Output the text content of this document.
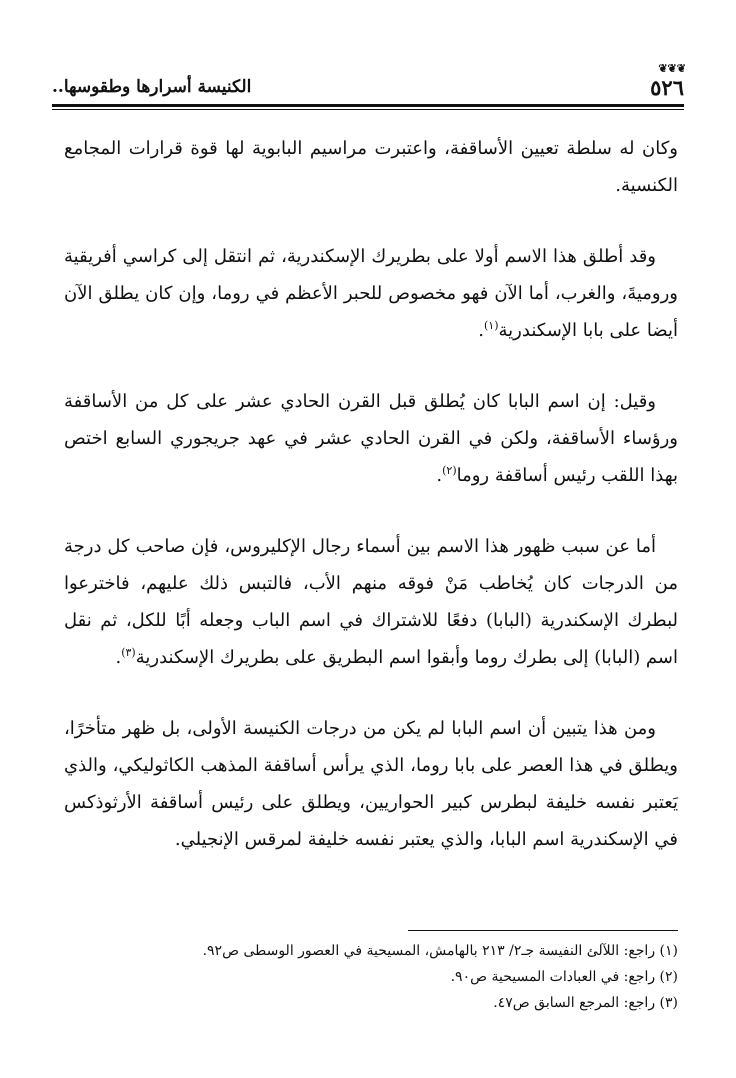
❦❦❦
٥٢٦
الكنيسة أسرارها وطقوسها..

وكان له سلطة تعيين الأساقفة، واعتبرت مراسيم البابوية لها قوة قرارات المجامع الكنسية.

وقد أطلق هذا الاسم أولا على بطريرك الإسكندرية، ثم انتقل إلى كراسي أفريقية وروميةَ، والغرب، أما الآن فهو مخصوص للحبر الأعظم في روما، وإن كان يطلق الآن أيضا على بابا الإسكندرية$^{(١)}$.

وقيل: إن اسم البابا كان يُطلق قبل القرن الحادي عشر على كل من الأساقفة ورؤساء الأساقفة، ولكن في القرن الحادي عشر في عهد جريجوري السابع اختص بهذا اللقب رئيس أساقفة روما$^{(٢)}$.

أما عن سبب ظهور هذا الاسم بين أسماء رجال الإكليروس، فإن صاحب كل درجة من الدرجات كان يُخاطب مَنْ فوقه منهم الأب، فالتبس ذلك عليهم، فاخترعوا لبطرك الإسكندرية (البابا) دفعًا للاشتراك في اسم الباب وجعله أبًا للكل، ثم نقل اسم (البابا) إلى بطرك روما وأبقوا اسم البطريق على بطريرك الإسكندرية$^{(٣)}$.

ومن هذا يتبين أن اسم البابا لم يكن من درجات الكنيسة الأولى، بل ظهر متأخرًا، ويطلق في هذا العصر على بابا روما، الذي يرأس أساقفة المذهب الكاثوليكي، والذي يَعتبر نفسه خليفة لبطرس كبير الحواريين، ويطلق على رئيس أساقفة الأرثوذكس في الإسكندرية اسم البابا، والذي يعتبر نفسه خليفة لمرقس الإنجيلي.

(١) راجع: اللآلئ النفيسة جـ٢/ ٢١٣ بالهامش، المسيحية في العصور الوسطى ص٩٢.

(٢) راجع: في العبادات المسيحية ص٩٠.

(٣) راجع: المرجع السابق ص٤٧.
